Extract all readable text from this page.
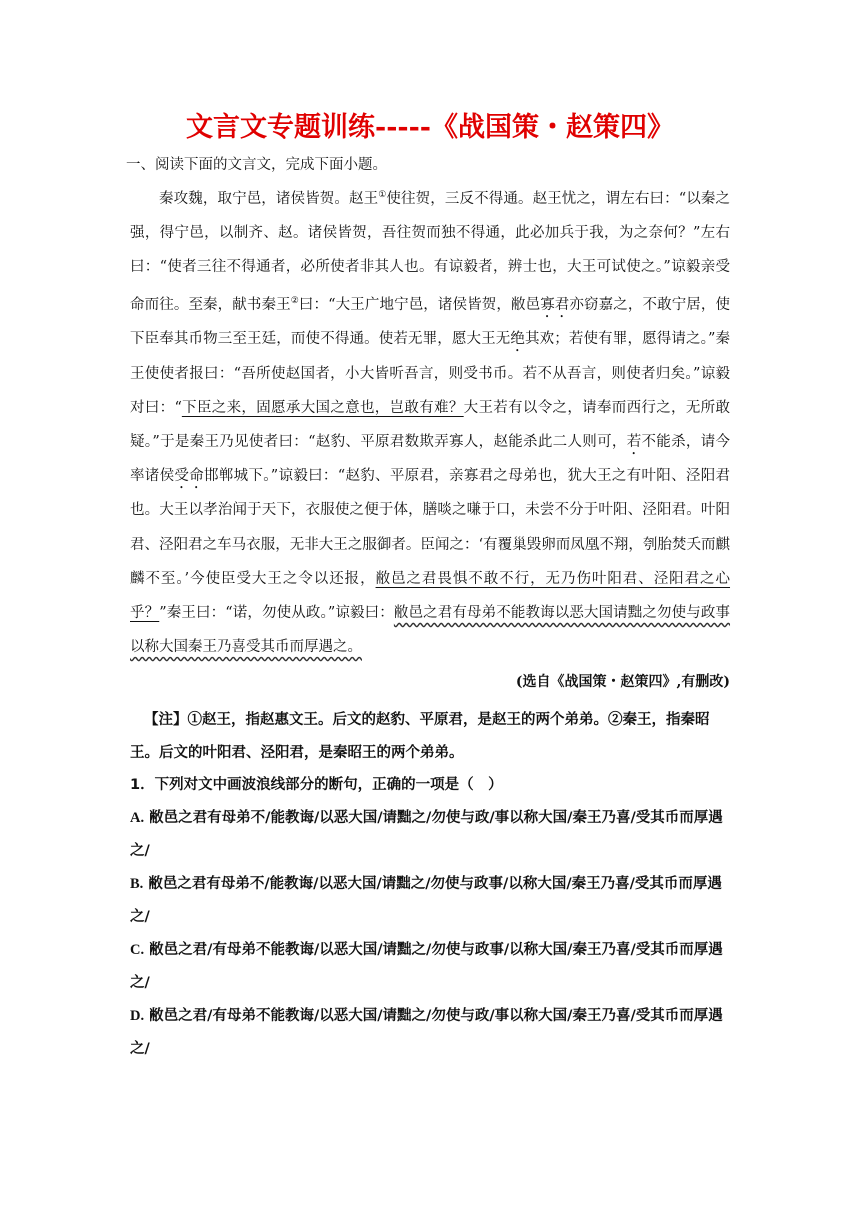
文言文专题训练-----《战国策・赵策四》
一、阅读下面的文言文，完成下面小题。

秦攻魏，取宁邑，诸侯皆贺。赵王①使往贺，三反不得通。赵王忧之，谓左右曰：“以秦之强，得宁邑，以制齐、赵。诸侯皆贺，吾往贺而独不得通，此必加兵于我，为之奈何？”左右曰：“使者三往不得通者，必所使者非其人也。有谅毅者，辨士也，大王可试使之。”谅毅亲受命而往。至秦，献书秦王②曰：“大王广地宁邑，诸侯皆贺，敝邑寡君亦窃嘉之，不敢宁居，使下臣奉其币物三至王廷，而使不得通。使若无罪，愿大王无绝其欢；若使有罪，愿得请之。”秦王使使者报曰：“吾所使赵国者，小大皆听吾言，则受书币。若不从吾言，则使者归矣。”谅毅对曰：“下臣之来，固愿承大国之意也，岂敢有难？大王若有以令之，请奉而西行之，无所敢疑。”于是秦王乃见使者曰：“赵豹、平原君数欺弄寡人，赵能杀此二人则可，若不能杀，请今率诸侯受命邯郸城下。”谅毅曰：“赵豹、平原君，亲寡君之母弟也，犹大王之有叶阳、泾阳君也。大王以孝治闻于天下，衣服使之便于体，膳啖之嗛于口，未尝不分于叶阳、泾阳君。叶阳君、泾阳君之车马衣服，无非大王之服御者。臣闻之：‘有覆巢毁卵而凤凰不翔，刳胎焚夭而麒麟不至。’今使臣受大王之令以还报，敝邑之君畏惧不敢不行，无乃伤叶阳君、泾阳君之心乎？”秦王曰：“诺，勿使从政。”谅毅曰：敝邑之君有母弟不能教诲以恶大国请黜之勿使与政事以称大国秦王乃喜受其币而厚遇之。

(选自《战国策・赵策四》,有删改)

【注】①赵王，指赵惠文王。后文的赵豹、平原君，是赵王的两个弟弟。②秦王，指秦昭王。后文的叶阳君、泾阳君，是秦昭王的两个弟弟。

1．下列对文中画波浪线部分的断句，正确的一项是（　）

A. 敝邑之君有母弟不/能教诲/以恶大国/请黜之/勿使与政/事以称大国/秦王乃喜/受其币而厚遇之/

B. 敝邑之君有母弟不/能教诲/以恶大国/请黜之/勿使与政事/以称大国/秦王乃喜/受其币而厚遇之/

C. 敝邑之君/有母弟不能教诲/以恶大国/请黜之/勿使与政事/以称大国/秦王乃喜/受其币而厚遇之/

D. 敝邑之君/有母弟不能教诲/以恶大国/请黜之/勿使与政/事以称大国/秦王乃喜/受其币而厚遇之/
